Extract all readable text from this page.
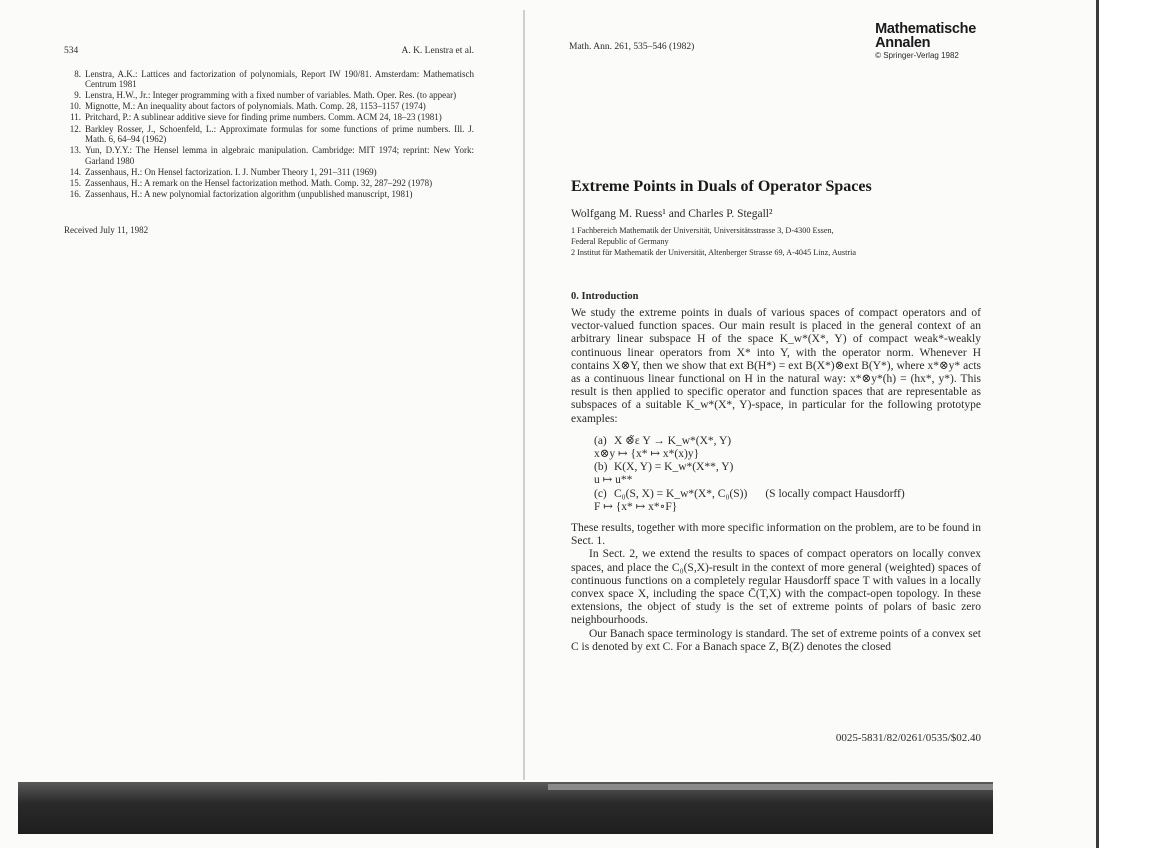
534	A. K. Lenstra et al.
8. Lenstra, A.K.: Lattices and factorization of polynomials, Report IW 190/81. Amsterdam: Mathematisch Centrum 1981
9. Lenstra, H.W., Jr.: Integer programming with a fixed number of variables. Math. Oper. Res. (to appear)
10. Mignotte, M.: An inequality about factors of polynomials. Math. Comp. 28, 1153–1157 (1974)
11. Pritchard, P.: A sublinear additive sieve for finding prime numbers. Comm. ACM 24, 18–23 (1981)
12. Barkley Rosser, J., Schoenfeld, L.: Approximate formulas for some functions of prime numbers. Ill. J. Math. 6, 64–94 (1962)
13. Yun, D.Y.Y.: The Hensel lemma in algebraic manipulation. Cambridge: MIT 1974; reprint: New York: Garland 1980
14. Zassenhaus, H.: On Hensel factorization. I. J. Number Theory 1, 291–311 (1969)
15. Zassenhaus, H.: A remark on the Hensel factorization method. Math. Comp. 32, 287–292 (1978)
16. Zassenhaus, H.: A new polynomial factorization algorithm (unpublished manuscript, 1981)
Received July 11, 1982
Math. Ann. 261, 535–546 (1982)
Mathematische
Annalen
© Springer-Verlag 1982
Extreme Points in Duals of Operator Spaces
Wolfgang M. Ruess¹ and Charles P. Stegall²
1 Fachbereich Mathematik der Universität, Universitätsstrasse 3, D-4300 Essen,
Federal Republic of Germany
2 Institut für Mathematik der Universität, Altenberger Strasse 69, A-4045 Linz, Austria
0. Introduction

We study the extreme points in duals of various spaces of compact operators and of vector-valued function spaces. Our main result is placed in the general context of an arbitrary linear subspace H of the space K_w*(X*, Y) of compact weak*-weakly continuous linear operators from X* into Y, with the operator norm. Whenever H contains X⊗Y, then we show that ext B(H*) = ext B(X*)⊗ext B(Y*), where x*⊗y* acts as a continuous linear functional on H in the natural way: x*⊗y*(h) = (hx*, y*). This result is then applied to specific operator and function spaces that are representable as subspaces of a suitable K_w*(X*, Y)-space, in particular for the following prototype examples:

(a) X ⊗̃ε Y → K_w*(X*, Y)
x⊗y ↦ {x* ↦ x*(x)y}
(b) K(X, Y) = K_w*(X**, Y)
u ↦ u**
(c) C₀(S, X) = K_w*(X*, C₀(S)) (S locally compact Hausdorff)
F ↦ {x* ↦ x*∘F}

These results, together with more specific information on the problem, are to be found in Sect. 1.

In Sect. 2, we extend the results to spaces of compact operators on locally convex spaces, and place the C₀(S,X)-result in the context of more general (weighted) spaces of continuous functions on a completely regular Hausdorff space T with values in a locally convex space X, including the space C̄(T,X) with the compact-open topology. In these extensions, the object of study is the set of extreme points of polars of basic zero neighbourhoods.

Our Banach space terminology is standard. The set of extreme points of a convex set C is denoted by ext C. For a Banach space Z, B(Z) denotes the closed

0025-5831/82/0261/0535/$02.40
